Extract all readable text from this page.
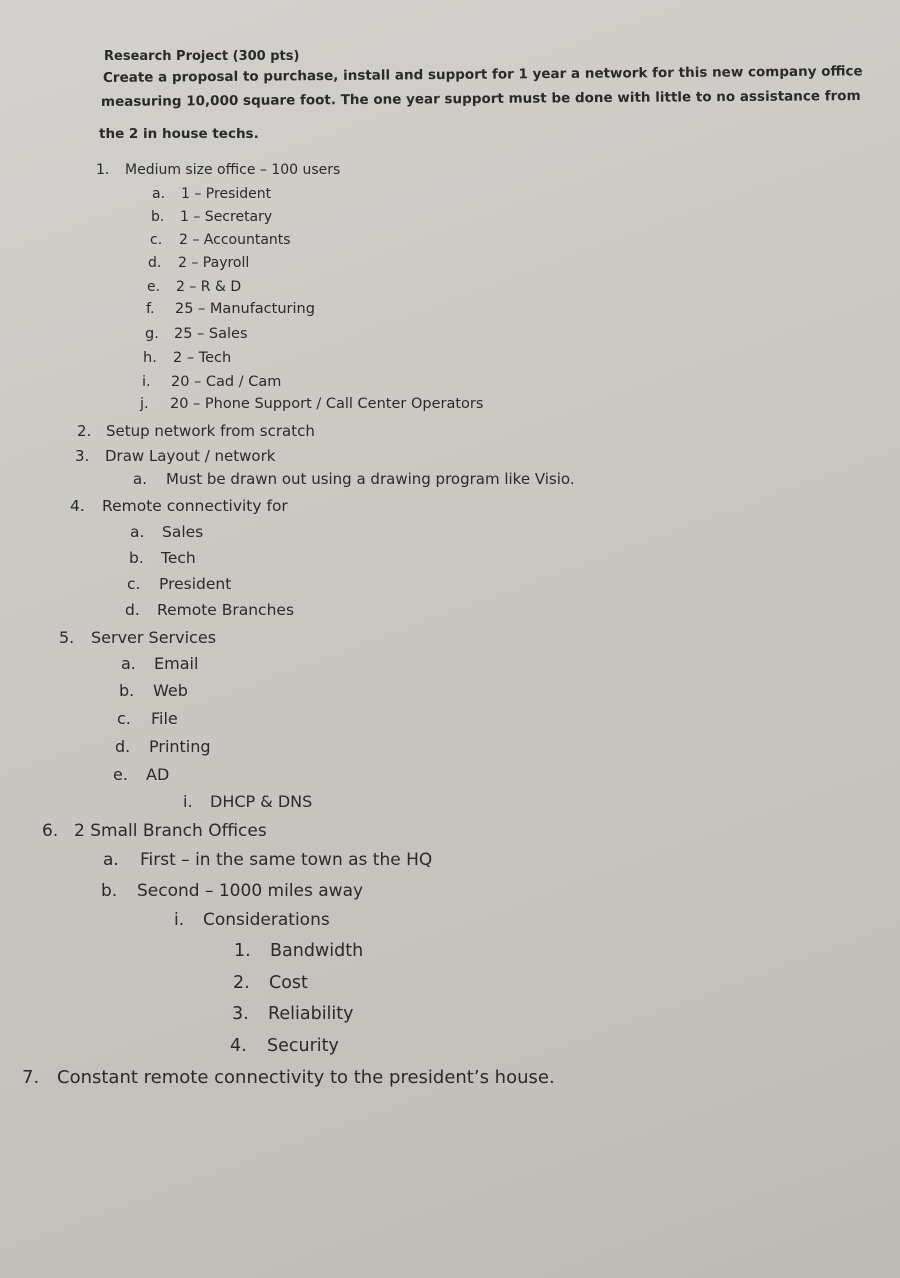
Research Project (300 pts)
Create a proposal to purchase, install and support for 1 year a network for this new company office
measuring 10,000 square foot. The one year support must be done with little to no assistance from
the 2 in house techs.
1. Medium size office – 100 users
a. 1 – President
b. 1 – Secretary
c. 2 – Accountants
d. 2 – Payroll
e. 2 – R & D
f. 25 – Manufacturing
g. 25 – Sales
h. 2 – Tech
i. 20 – Cad / Cam
j. 20 – Phone Support / Call Center Operators
2. Setup network from scratch
3. Draw Layout / network
a. Must be drawn out using a drawing program like Visio.
4. Remote connectivity for
a. Sales
b. Tech
c. President
d. Remote Branches
5. Server Services
a. Email
b. Web
c. File
d. Printing
e. AD
i. DHCP & DNS
6. 2 Small Branch Offices
a. First – in the same town as the HQ
b. Second – 1000 miles away
i. Considerations
1. Bandwidth
2. Cost
3. Reliability
4. Security
7. Constant remote connectivity to the president’s house.
